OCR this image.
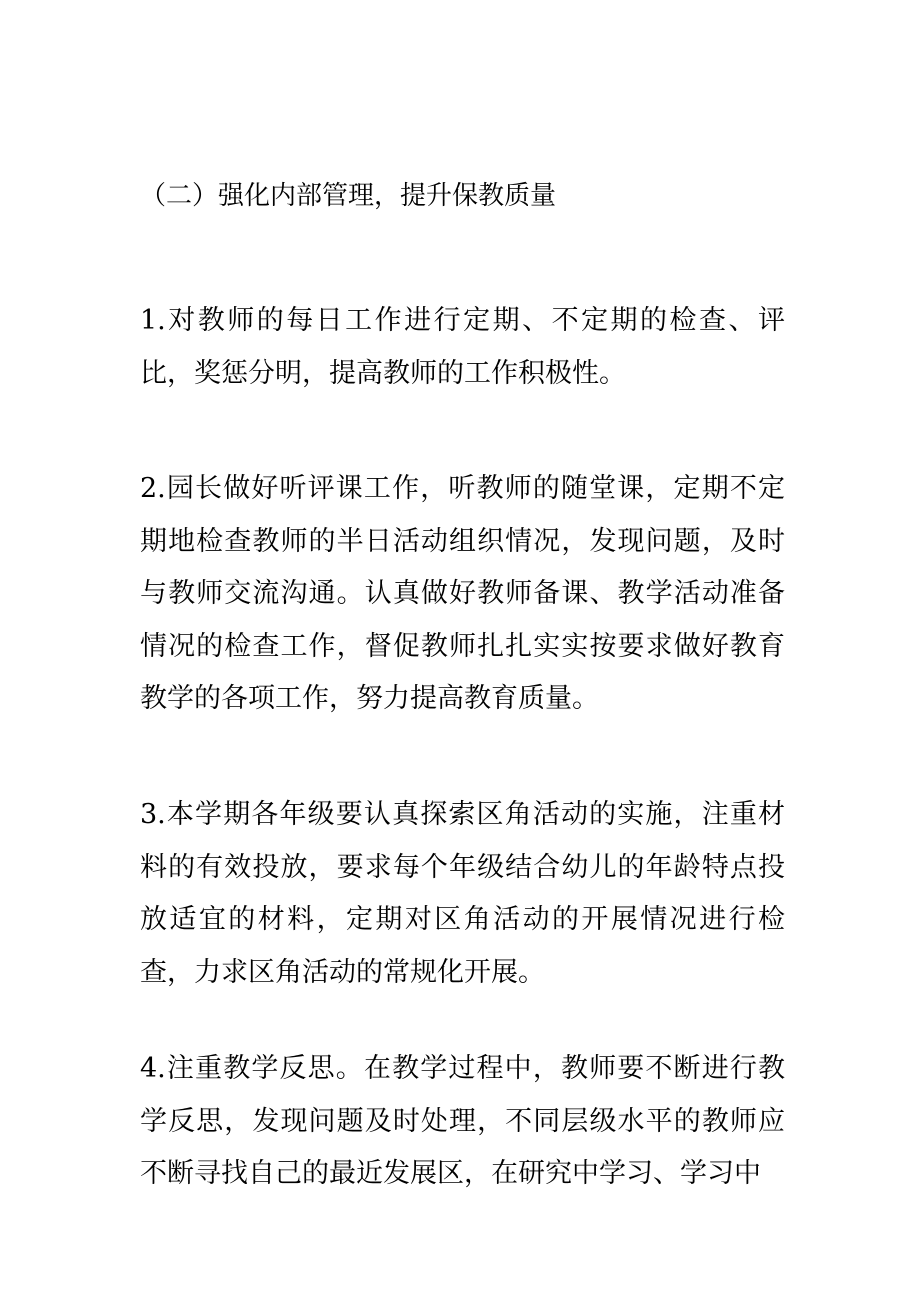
（二）强化内部管理，提升保教质量

1.对教师的每日工作进行定期、不定期的检查、评比，奖惩分明，提高教师的工作积极性。

2.园长做好听评课工作，听教师的随堂课，定期不定期地检查教师的半日活动组织情况，发现问题，及时与教师交流沟通。认真做好教师备课、教学活动准备情况的检查工作，督促教师扎扎实实按要求做好教育教学的各项工作，努力提高教育质量。

3.本学期各年级要认真探索区角活动的实施，注重材料的有效投放，要求每个年级结合幼儿的年龄特点投放适宜的材料，定期对区角活动的开展情况进行检查，力求区角活动的常规化开展。

4.注重教学反思。在教学过程中，教师要不断进行教学反思，发现问题及时处理，不同层级水平的教师应不断寻找自己的最近发展区，在研究中学习、学习中
